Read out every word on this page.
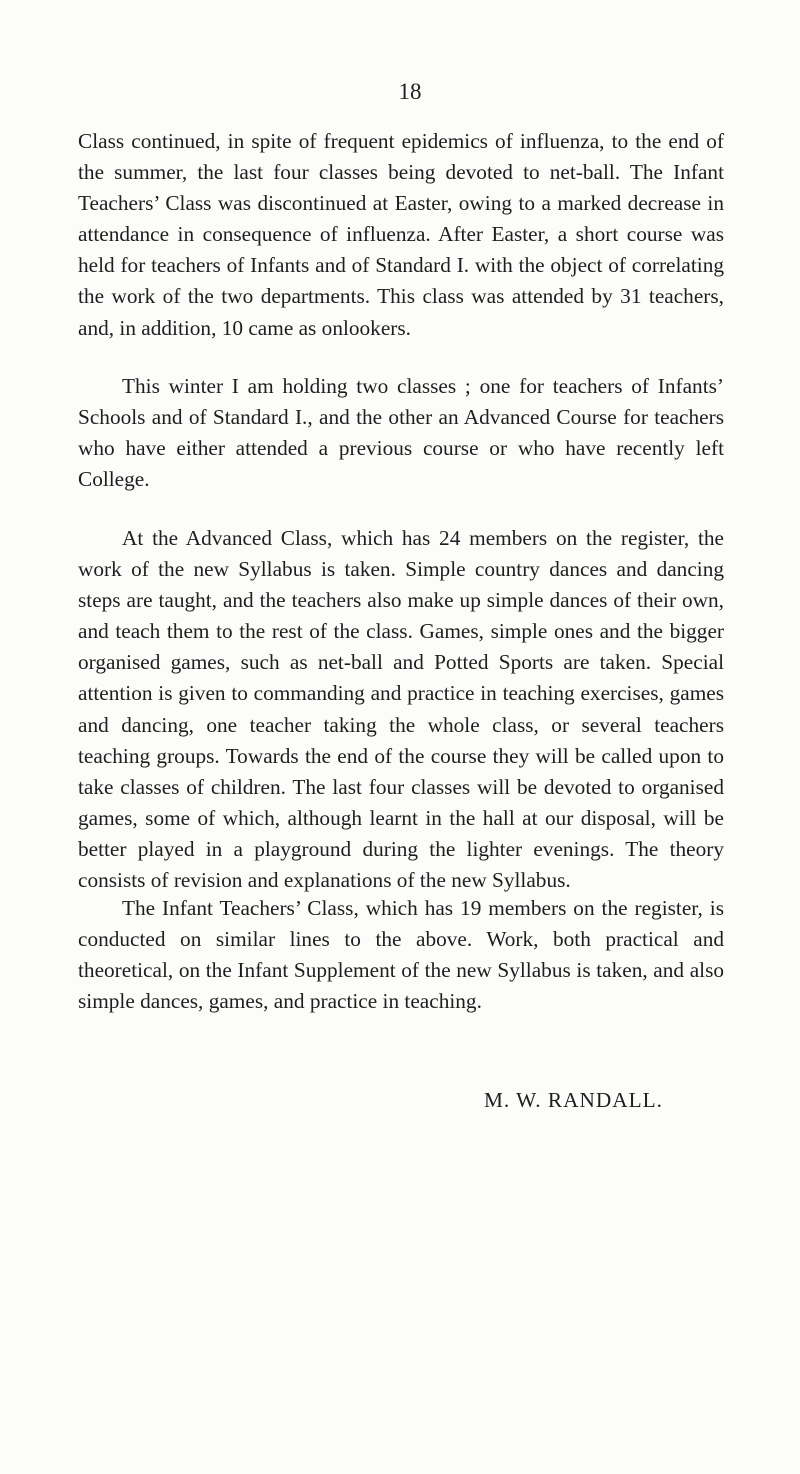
18

Class continued, in spite of frequent epidemics of influenza, to the end of the summer, the last four classes being devoted to net-ball. The Infant Teachers’ Class was discontinued at Easter, owing to a marked decrease in attendance in consequence of influenza. After Easter, a short course was held for teachers of Infants and of Standard I. with the object of correlating the work of the two departments. This class was attended by 31 teachers, and, in addition, 10 came as onlookers.

This winter I am holding two classes ; one for teachers of Infants’ Schools and of Standard I., and the other an Advanced Course for teachers who have either attended a previous course or who have recently left College.

At the Advanced Class, which has 24 members on the register, the work of the new Syllabus is taken. Simple country dances and dancing steps are taught, and the teachers also make up simple dances of their own, and teach them to the rest of the class. Games, simple ones and the bigger organised games, such as net-ball and Potted Sports are taken. Special attention is given to commanding and practice in teaching exercises, games and dancing, one teacher taking the whole class, or several teachers teaching groups. Towards the end of the course they will be called upon to take classes of children. The last four classes will be devoted to organised games, some of which, although learnt in the hall at our disposal, will be better played in a playground during the lighter evenings. The theory consists of revision and explanations of the new Syllabus.

The Infant Teachers’ Class, which has 19 members on the register, is conducted on similar lines to the above. Work, both practical and theoretical, on the Infant Supplement of the new Syllabus is taken, and also simple dances, games, and practice in teaching.

M. W. RANDALL.
